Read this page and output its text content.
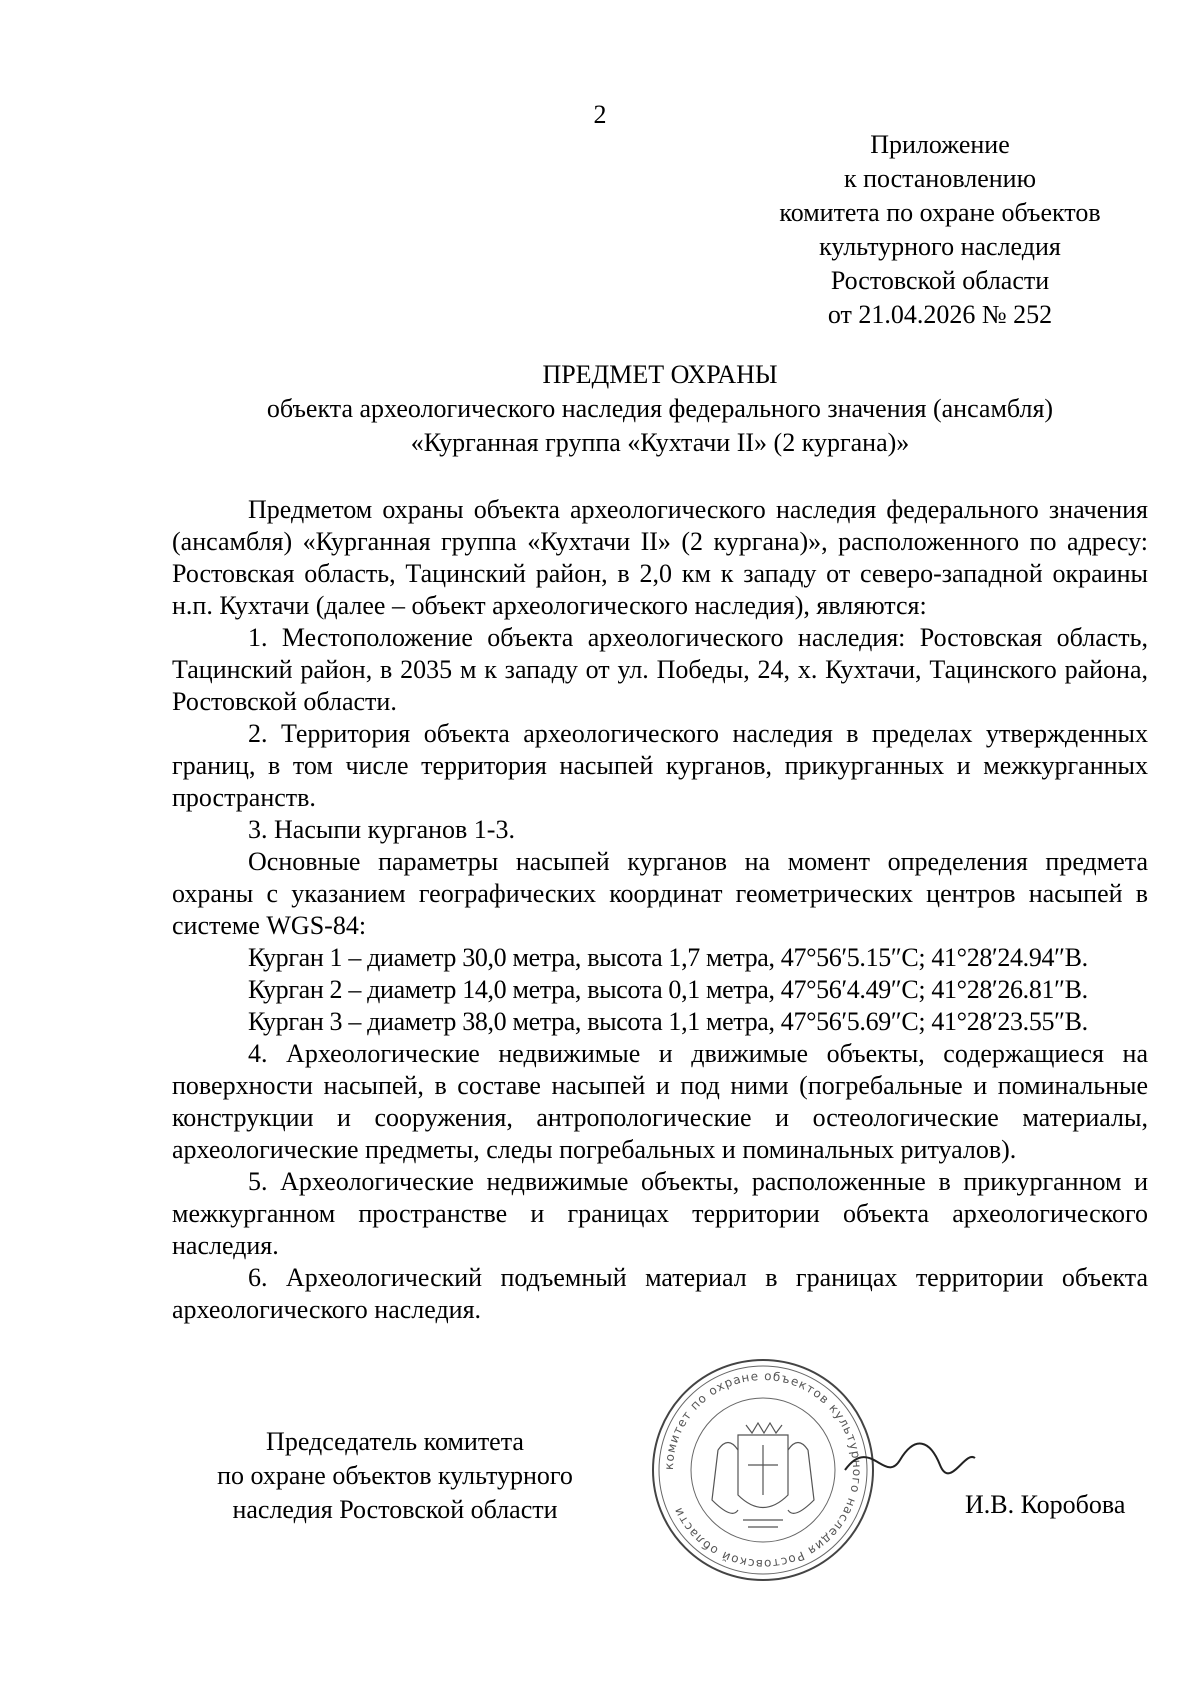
2
Приложение
к постановлению
комитета по охране объектов
культурного наследия
Ростовской области
от 21.04.2026 № 252
ПРЕДМЕТ ОХРАНЫ
объекта археологического наследия федерального значения (ансамбля)
«Курганная группа «Кухтачи II» (2 кургана)»

Предметом охраны объекта археологического наследия федерального значения (ансамбля) «Курганная группа «Кухтачи II» (2 кургана)», расположенного по адресу: Ростовская область, Тацинский район, в 2,0 км к западу от северо-западной окраины н.п. Кухтачи (далее – объект археологического наследия), являются:

1. Местоположение объекта археологического наследия: Ростовская область, Тацинский район, в 2035 м к западу от ул. Победы, 24, х. Кухтачи, Тацинского района, Ростовской области.

2. Территория объекта археологического наследия в пределах утвержденных границ, в том числе территория насыпей курганов, прикурганных и межкурганных пространств.

3. Насыпи курганов 1-3.

Основные параметры насыпей курганов на момент определения предмета охраны с указанием географических координат геометрических центров насыпей в системе WGS-84:

Курган 1 – диаметр 30,0 метра, высота 1,7 метра, 47°56′5.15″С; 41°28′24.94″В.

Курган 2 – диаметр 14,0 метра, высота 0,1 метра, 47°56′4.49″С; 41°28′26.81″В.

Курган 3 – диаметр 38,0 метра, высота 1,1 метра, 47°56′5.69″С; 41°28′23.55″В.

4. Археологические недвижимые и движимые объекты, содержащиеся на поверхности насыпей, в составе насыпей и под ними (погребальные и поминальные конструкции и сооружения, антропологические и остеологические материалы, археологические предметы, следы погребальных и поминальных ритуалов).

5. Археологические недвижимые объекты, расположенные в прикурганном и межкурганном пространстве и границах территории объекта археологического наследия.

6. Археологический подъемный материал в границах территории объекта археологического наследия.

Председатель комитета
по охране объектов культурного
наследия Ростовской области
комитет по охране объектов культурного наследия Ростовской области	И.В. Коробова
